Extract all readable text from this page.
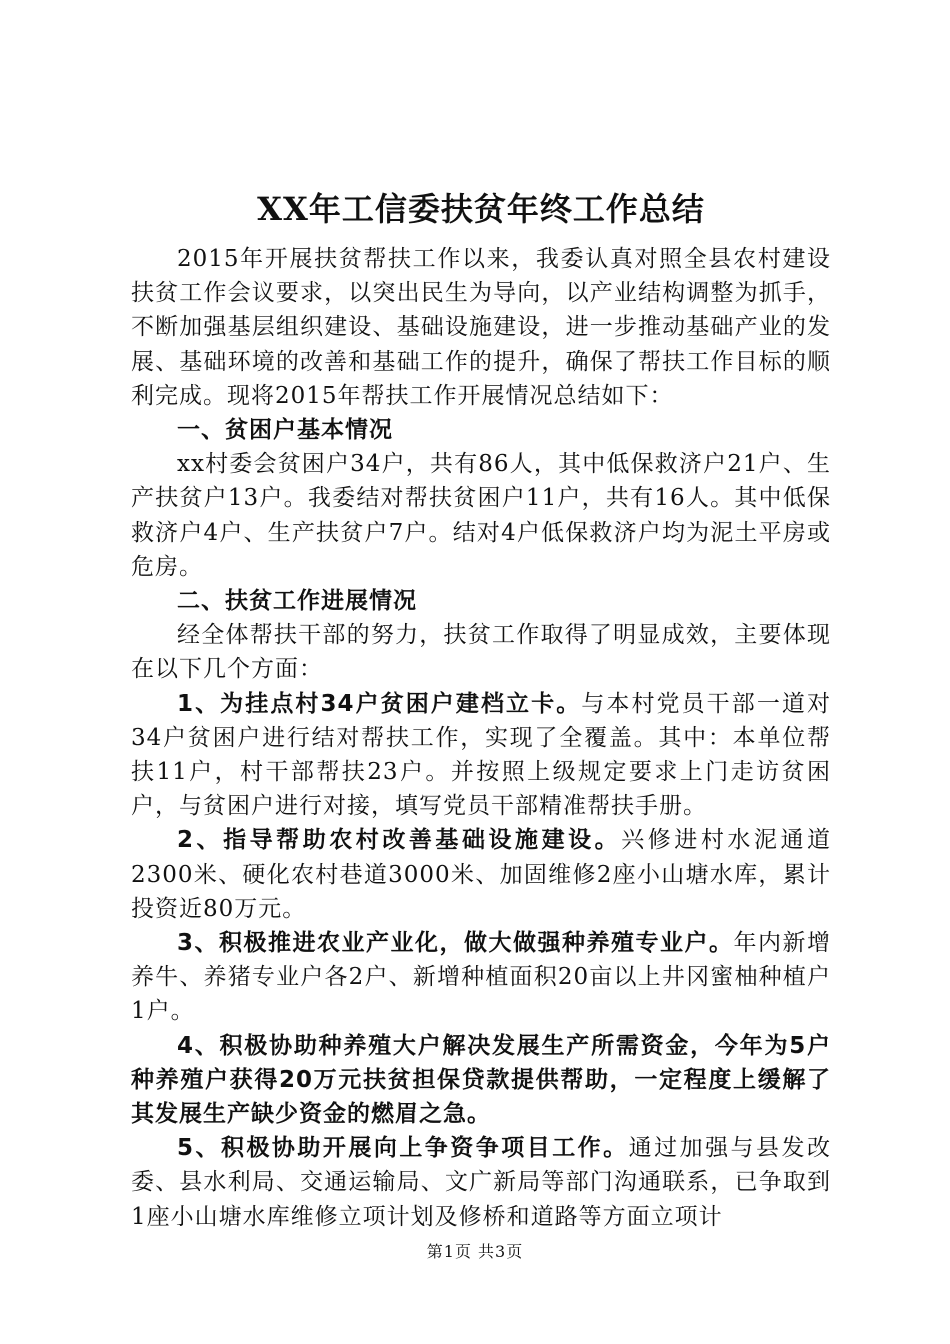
XX年工信委扶贫年终工作总结

2015年开展扶贫帮扶工作以来，我委认真对照全县农村建设扶贫工作会议要求，以突出民生为导向，以产业结构调整为抓手，不断加强基层组织建设、基础设施建设，进一步推动基础产业的发展、基础环境的改善和基础工作的提升，确保了帮扶工作目标的顺利完成。现将2015年帮扶工作开展情况总结如下：

一、贫困户基本情况

xx村委会贫困户34户，共有86人，其中低保救济户21户、生产扶贫户13户。我委结对帮扶贫困户11户，共有16人。其中低保救济户4户、生产扶贫户7户。结对4户低保救济户均为泥土平房或危房。

二、扶贫工作进展情况

经全体帮扶干部的努力，扶贫工作取得了明显成效，主要体现在以下几个方面：

1、为挂点村34户贫困户建档立卡。与本村党员干部一道对34户贫困户进行结对帮扶工作，实现了全覆盖。其中：本单位帮扶11户，村干部帮扶23户。并按照上级规定要求上门走访贫困户，与贫困户进行对接，填写党员干部精准帮扶手册。

2、指导帮助农村改善基础设施建设。兴修进村水泥通道2300米、硬化农村巷道3000米、加固维修2座小山塘水库，累计投资近80万元。

3、积极推进农业产业化，做大做强种养殖专业户。年内新增养牛、养猪专业户各2户、新增种植面积20亩以上井冈蜜柚种植户1户。

4、积极协助种养殖大户解决发展生产所需资金，今年为5户种养殖户获得20万元扶贫担保贷款提供帮助，一定程度上缓解了其发展生产缺少资金的燃眉之急。

5、积极协助开展向上争资争项目工作。通过加强与县发改委、县水利局、交通运输局、文广新局等部门沟通联系，已争取到1座小山塘水库维修立项计划及修桥和道路等方面立项计

第1页 共3页
